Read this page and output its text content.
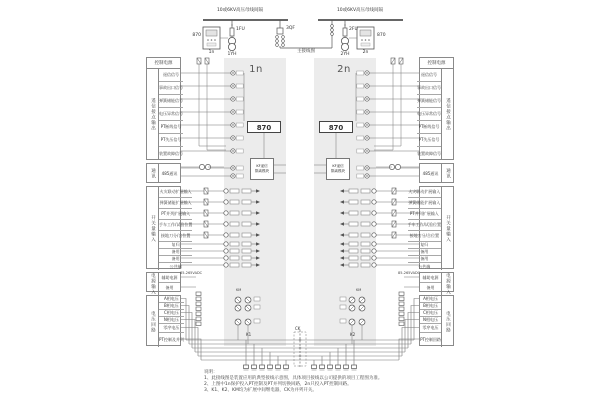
10或6KV高压母线间隔	10或6KV高压母线间隔
1FU
1YH
870
1n
3QF
主接线图
2FU
2YH
870
2n
1n	2n
870	870
KF遥信
隔离模块
KF遥信
隔离模块
控制电源
遥信接点输出
遥信信号
事故出口信号
弹簧储能信号
电压异常信号
PT断线信号
PT失压信号
装置故障信号
通讯	485通讯
开关量输入
火灾联动扩展输入
弹簧储能扩展输入
PT并列扩展输入
手车工作/试验位置
接地刀分/合位置
复归
备用
备用
公共端
电源输入	辅助电源
备用
电压回路
A相电压
B相电压
C相电压
N相电压
零序电压
PT控制及并列
控制电源
遥信接点输出
遥信信号
事故出口信号
弹簧储能信号
电压异常信号
PT断线信号
PT失压信号
装置故障信号
通讯
485通讯
开关量输入
火灾联动扩展输入
弹簧储能扩展输入
PT并列扩展输入
手车工作/试验位置
接地刀分/合位置
复归
备用
备用
公共端
电源输入
辅助电源
备用
电压回路
A相电压
B相电压
C相电压
N相电压
零序电压
PT控制回路
85-265VADC	85-265VADC
KM	KM
K1
CK
K2
说明：
1、此接线图是装置应用的典型接线示意图，具体项目接线以公司提供的项目工程图为准。
2、上图中1n保护投入PT控制及PT并列切换回路，2n只投入PT控制回路。
3、K1、K2、KM均为扩展中间继电器，CK为并列开关。
